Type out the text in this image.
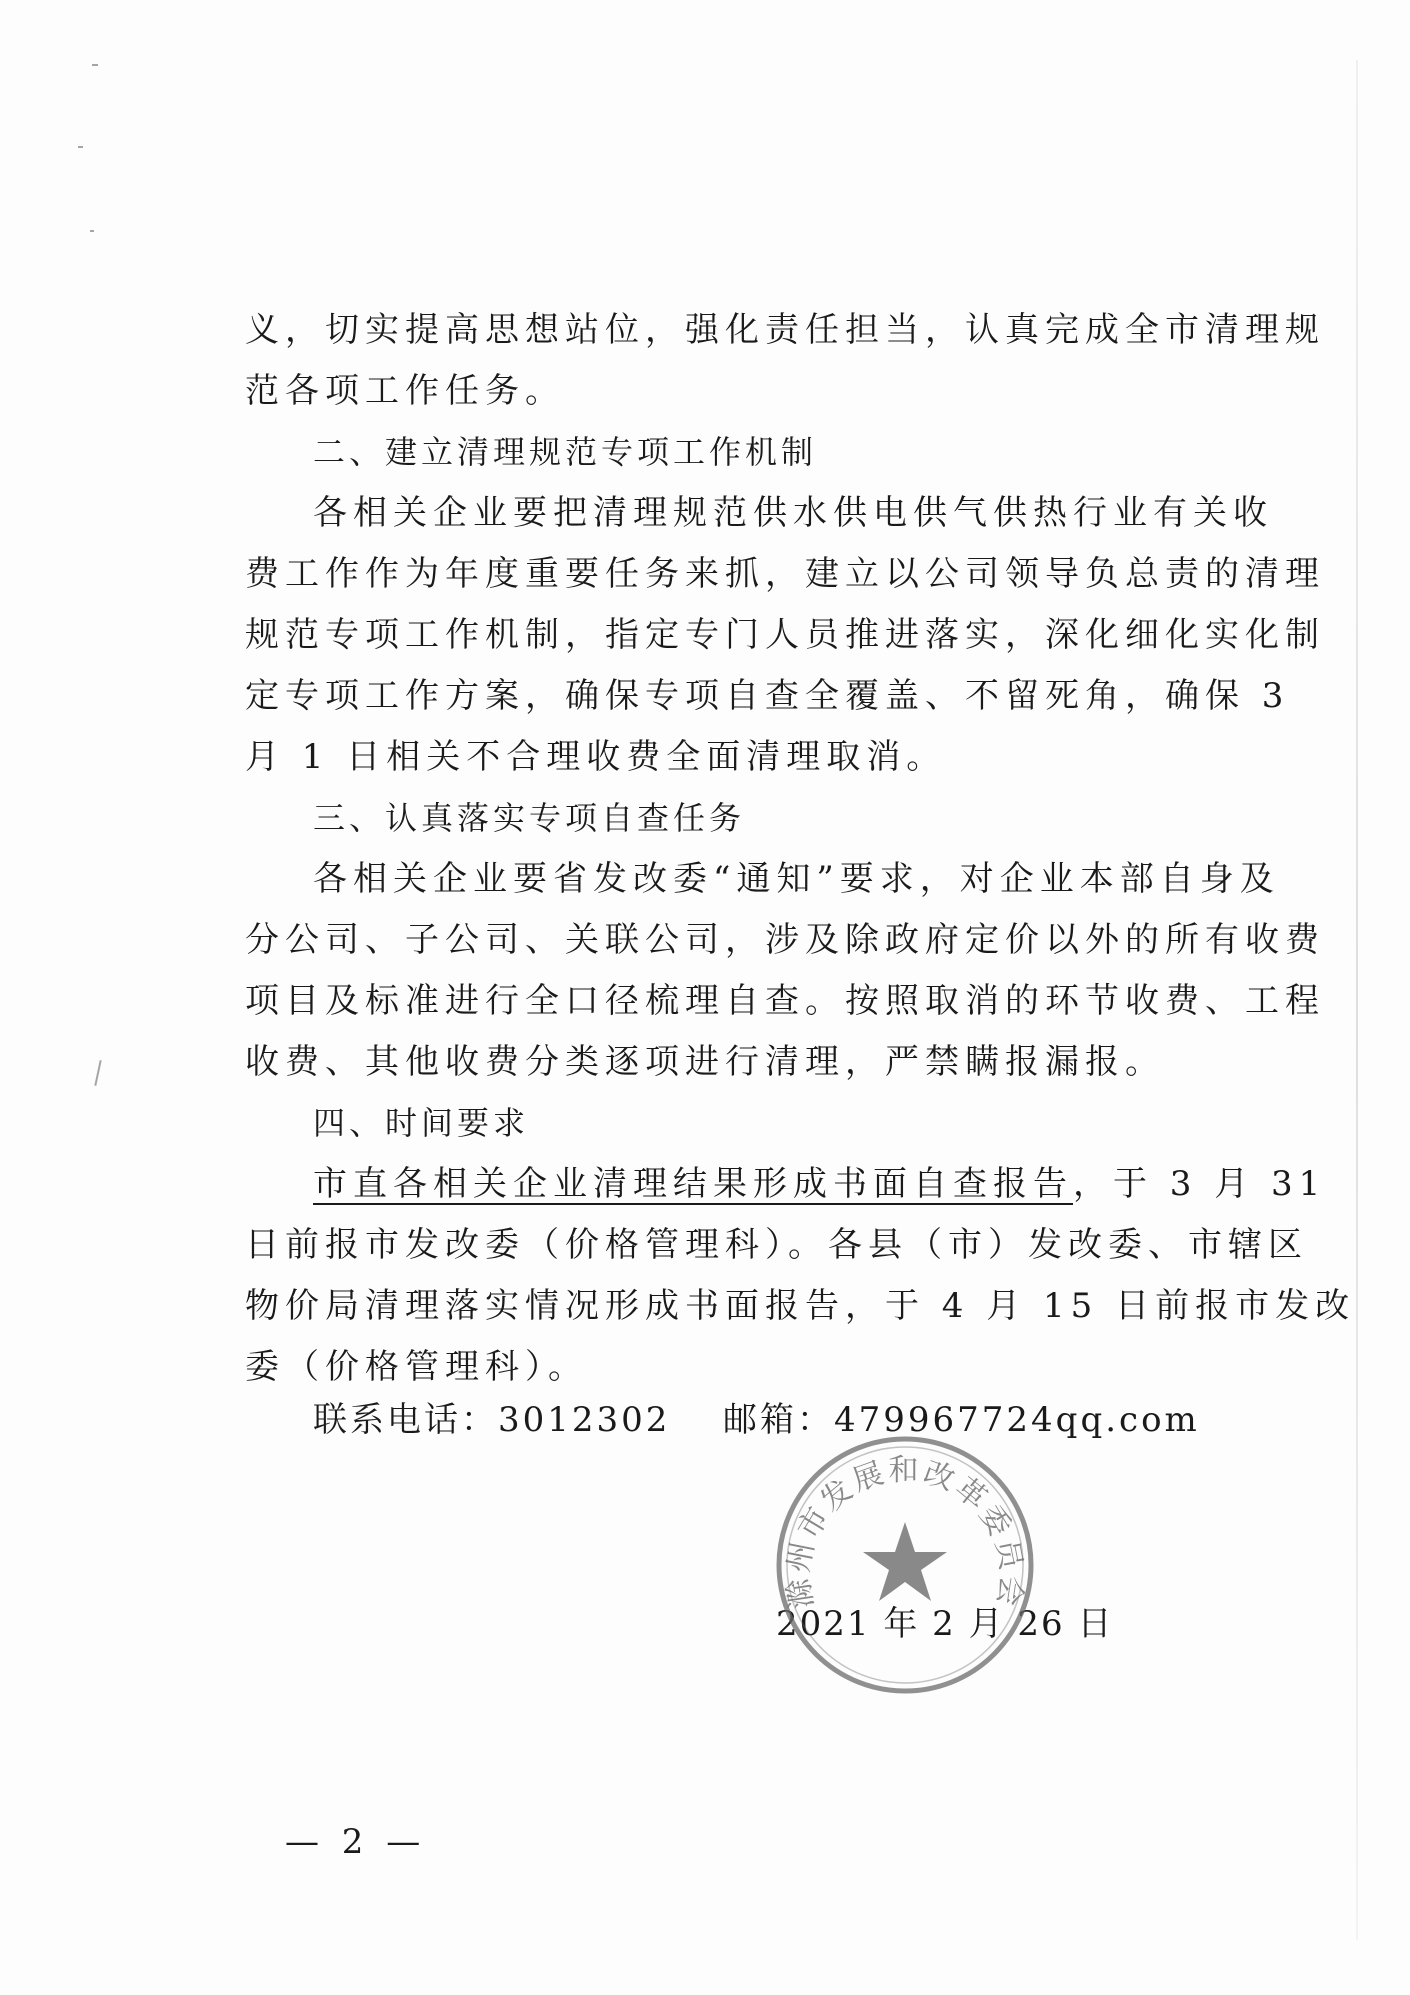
义，切实提高思想站位，强化责任担当，认真完成全市清理规
范各项工作任务。
二、建立清理规范专项工作机制
各相关企业要把清理规范供水供电供气供热行业有关收
费工作作为年度重要任务来抓，建立以公司领导负总责的清理
规范专项工作机制，指定专门人员推进落实，深化细化实化制
定专项工作方案，确保专项自查全覆盖、不留死角，确保 3
月 1 日相关不合理收费全面清理取消。
三、认真落实专项自查任务
各相关企业要省发改委“通知”要求，对企业本部自身及
分公司、子公司、关联公司，涉及除政府定价以外的所有收费
项目及标准进行全口径梳理自查。按照取消的环节收费、工程
收费、其他收费分类逐项进行清理，严禁瞒报漏报。
四、时间要求
市直各相关企业清理结果形成书面自查报告，于 3 月 31
日前报市发改委（价格管理科）。各县（市）发改委、市辖区
物价局清理落实情况形成书面报告，于 4 月 15 日前报市发改
委（价格管理科）。
联系电话：3012302 邮箱：479967724qq.com
2021 年 2 月 26 日
滁州市发展和改革委员会
— 2 —
